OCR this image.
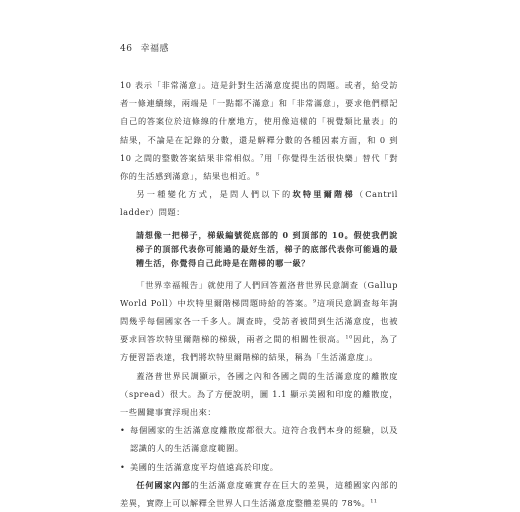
46 幸福感

10 表示「非常滿意」。這是針對生活滿意度提出的問題。或者，給受訪者一條連續線，兩端是「一點都不滿意」和「非常滿意」，要求他們標記自己的答案位於這條線的什麼地方，使用像這樣的「視覺類比量表」的結果，不論是在記錄的分數，還是解釋分數的各種因素方面，和 0 到 10 之間的整數答案結果非常相似。$^7$用「你覺得生活很快樂」替代「對你的生活感到滿意」，結果也相近。$^8$

另一種變化方式，是問人們以下的坎特里爾階梯（Cantril ladder）問題：

請想像一把梯子，梯級編號從底部的 0 到頂部的 10。假使我們說梯子的頂部代表你可能過的最好生活，梯子的底部代表你可能過的最糟生活，你覺得自己此時是在階梯的哪一級？

「世界幸福報告」就使用了人們回答蓋洛普世界民意調查（Gallup World Poll）中坎特里爾階梯問題時給的答案。$^9$這項民意調查每年詢問幾乎每個國家各一千多人。調查時，受訪者被問到生活滿意度，也被要求回答坎特里爾階梯的梯級，兩者之間的相關性很高。$^{10}$因此，為了方便習語表達，我們將坎特里爾階梯的結果，稱為「生活滿意度」。

蓋洛普世界民調顯示，各國之內和各國之間的生活滿意度的離散度（spread）很大。為了方便說明，圖 1.1 顯示美國和印度的離散度，一些關鍵事實浮現出來：

• 每個國家的生活滿意度離散度都很大。這符合我們本身的經驗，以及認識的人的生活滿意度範圍。
• 美國的生活滿意度平均值遠高於印度。

任何國家內部的生活滿意度確實存在巨大的差異，這種國家內部的差異，實際上可以解釋全世界人口生活滿意度整體差異的 78%。$^{11}$
